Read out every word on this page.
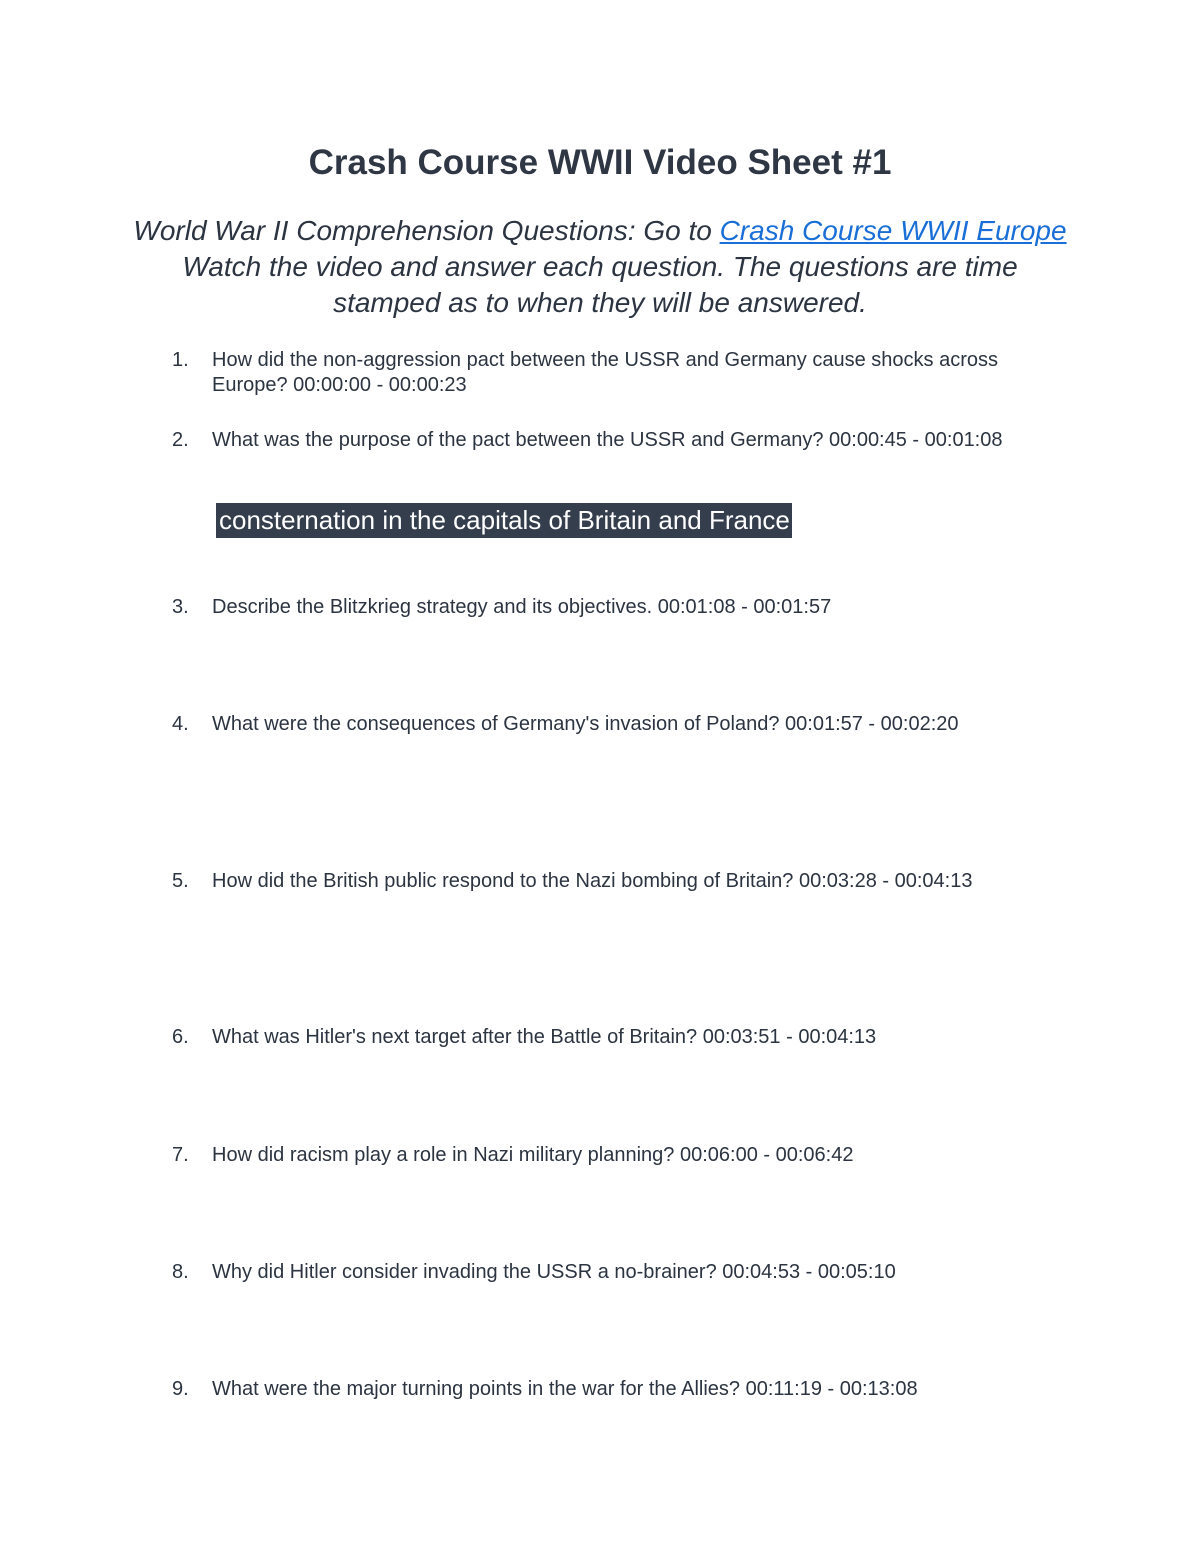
Crash Course WWII Video Sheet #1

World War II Comprehension Questions: Go to Crash Course WWII Europe Watch the video and answer each question. The questions are time stamped as to when they will be answered.

1.	How did the non-aggression pact between the USSR and Germany cause shocks across Europe? 00:00:00 - 00:00:23
2.	What was the purpose of the pact between the USSR and Germany? 00:00:45 - 00:01:08
consternation in the capitals of Britain and France
3.	Describe the Blitzkrieg strategy and its objectives. 00:01:08 - 00:01:57
4.	What were the consequences of Germany's invasion of Poland? 00:01:57 - 00:02:20
5.	How did the British public respond to the Nazi bombing of Britain? 00:03:28 - 00:04:13
6.	What was Hitler's next target after the Battle of Britain? 00:03:51 - 00:04:13
7.	How did racism play a role in Nazi military planning? 00:06:00 - 00:06:42
8.	Why did Hitler consider invading the USSR a no-brainer? 00:04:53 - 00:05:10
9.	What were the major turning points in the war for the Allies? 00:11:19 - 00:13:08
